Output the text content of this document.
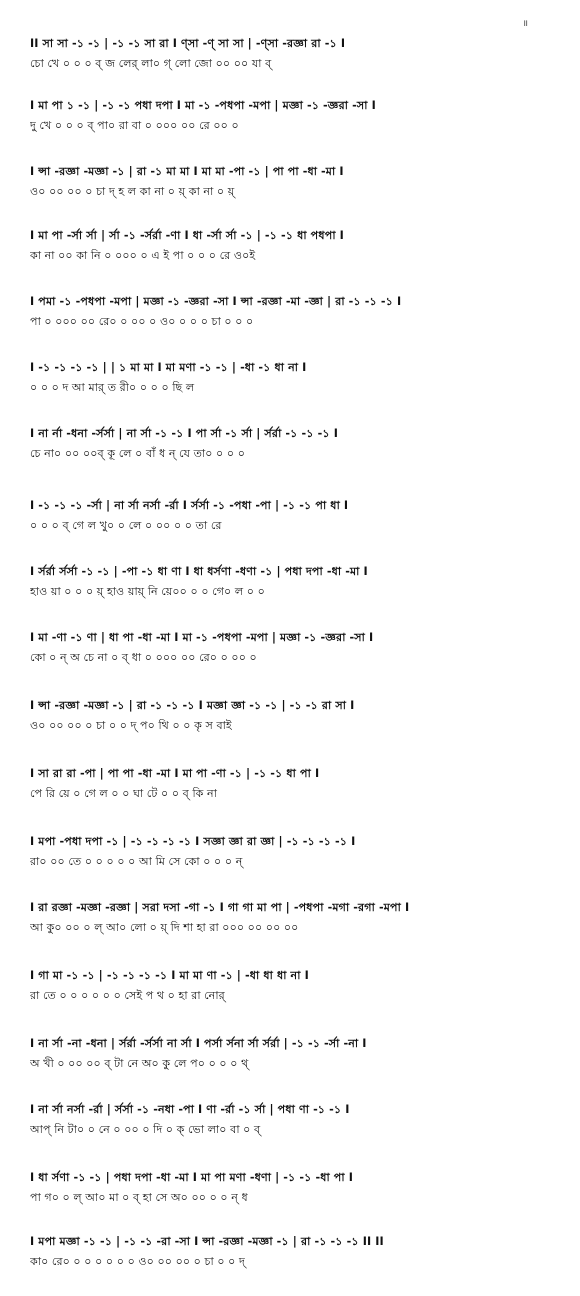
॥
II সা সা -১ -১ | -১ -১ সা রা I ণ্সা -ণ্ সা সা | -ণ্সা -রজ্ঞা রা -১ I
চো খে ০ ০ ০ ব্ জ লের্ লা০ গ্ লো জো ০০ ০০ যা ব্
I মা পা ১ -১ | -১ -১ পধা দপা I মা -১ -পধপা -মপা | মজ্ঞা -১ -জ্ঞরা -সা I
দু খে ০ ০ ০ ব্ পা০ রা বা ০ ০০০ ০০ রে ০০ ০
I ন্সা -রজ্ঞা -মজ্ঞা -১ | রা -১ মা মা I মা মা -পা -১ | পা পা -ধা -মা I
ও০ ০০ ০০ ০ চা দ্ হ ল কা না ০ য়্ কা না ০ য়্
I মা পা -র্সা র্সা | র্সা -১ -র্সর্রা -ণা I ধা -র্সা র্সা -১ | -১ -১ ধা পধপা I
কা না ০০ কা নি ০ ০০০ ০ এ ই পা ০ ০ ০ রে ও০ই
I পমা -১ -পধপা -মপা | মজ্ঞা -১ -জ্ঞরা -সা I ন্সা -রজ্ঞা -মা -জ্ঞা | রা -১ -১ -১ I
পা ০ ০০০ ০০ রে০ ০ ০০ ০ ও০ ০ ০ ০ চা ০ ০ ০
I -১ -১ -১ -১ | | ১ মা মা I মা মণা -১ -১ | -ধা -১ ধা না I
০ ০ ০ দ আ মার্ ত রী০ ০ ০ ০ ছি ল
I না র্না -ধনা -র্সর্সা | না র্সা -১ -১ I পা র্সা -১ র্সা | র্সর্রা -১ -১ -১ I
চে না০ ০০ ০০ব্ কূ লে ০ বাঁ ধ ন্ যে তা০ ০ ০ ০
I -১ -১ -১ -র্সা | না র্সা নর্সা -র্রা I র্সর্সা -১ -পধা -পা | -১ -১ পা ধা I
০ ০ ০ ব্ গে ল খু০ ০ লে ০ ০০ ০ ০ তা রে
I র্সর্রা র্সর্সা -১ -১ | -পা -১ ধা ণা I ধা ধর্সণা -ধণা -১ | পধা দপা -ধা -মা I
হাও য়া ০ ০ ০ য়্ হাও য়ায়্ নি য়ে০০ ০ ০ গে০ ল ০ ০
I মা -ণা -১ ণা | ধা পা -ধা -মা I মা -১ -পধপা -মপা | মজ্ঞা -১ -জ্ঞরা -সা I
কো ০ ন্ অ চে না ০ ব্ ধা ০ ০০০ ০০ রে০ ০ ০০ ০
I ন্সা -রজ্ঞা -মজ্ঞা -১ | রা -১ -১ -১ I মজ্ঞা জ্ঞা -১ -১ | -১ -১ রা সা I
ও০ ০০ ০০ ০ চা ০ ০ দ্ প০ থি ০ ০ কৃ স বাই
I সা রা রা -পা | পা পা -ধা -মা I মা পা -ণা -১ | -১ -১ ধা পা I
পে রি য়ে ০ গে ল ০ ০ ঘা টে ০ ০ ব্ কি না
I মপা -পধা দপা -১ | -১ -১ -১ -১ I সজ্ঞা জ্ঞা রা জ্ঞা | -১ -১ -১ -১ I
রা০ ০০ তে ০ ০ ০ ০ ০ আ মি সে কো ০ ০ ০ ন্
I রা রজ্ঞা -মজ্ঞা -রজ্ঞা | সরা দসা -গা -১ I গা গা মা পা | -পধপা -মগা -রগা -মপা I
আ কু০ ০০ ০ ল্ আ০ লো ০ য়্ দি শা হা রা ০০০ ০০ ০০ ০০
I গা মা -১ -১ | -১ -১ -১ -১ I মা মা ণা -১ | -ধা ধা ধা না I
রা তে ০ ০ ০ ০ ০ ০ সেই প থ ০ হা রা নোর্
I না র্সা -না -ধনা | র্সর্রা -র্সর্সা না র্সা I পর্সা র্সনা র্সা র্সর্রা | -১ -১ -র্সা -না I
অ খী ০ ০০ ০০ ব্ টা নে অ০ কু লে প০ ০ ০ ০ থ্
I না র্সা নর্সা -র্রা | র্সর্সা -১ -নধা -পা I ণা -র্রা -১ র্সা | পধা ণা -১ -১ I
আপ্ নি টা০ ০ নে ০ ০০ ০ দি ০ ক্ ভো লা০ বা ০ ব্
I ধা র্সণা -১ -১ | পধা দপা -ধা -মা I মা পা মণা -ধণা | -১ -১ -ধা পা I
পা গ০ ০ ল্ আ০ মা ০ ব্ হা সে অ০ ০০ ০ ০ ন্ ধ
I মপা মজ্ঞা -১ -১ | -১ -১ -রা -সা I ন্সা -রজ্ঞা -মজ্ঞা -১ | রা -১ -১ -১ II II
কা০ রে০ ০ ০ ০ ০ ০ ০ ও০ ০০ ০০ ০ চা ০ ০ দ্
